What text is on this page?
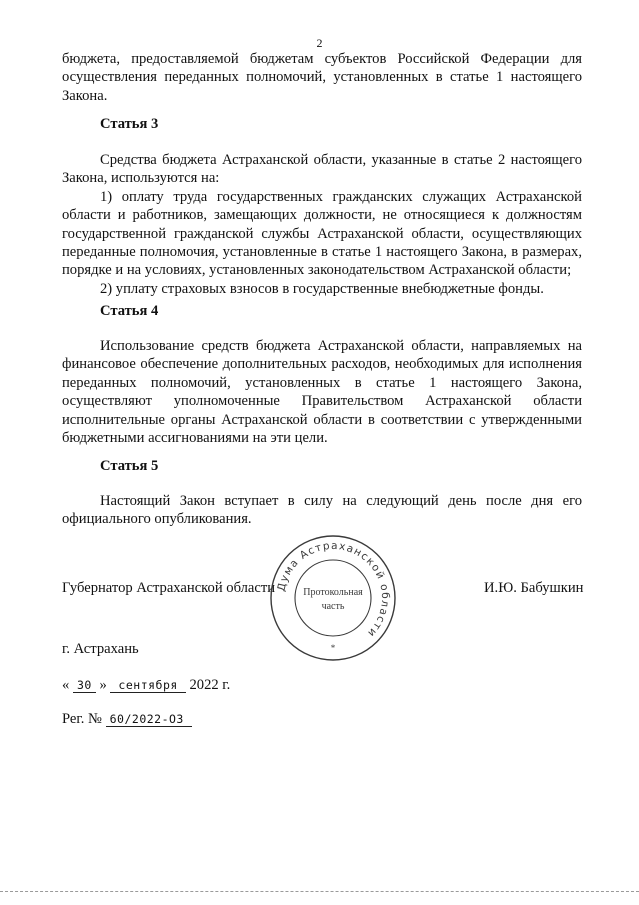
2

бюджета, предоставляемой бюджетам субъектов Российской Федерации для осуществления переданных полномочий, установленных в статье 1 настоящего Закона.

Статья 3

Средства бюджета Астраханской области, указанные в статье 2 настоящего Закона, используются на:

1) оплату труда государственных гражданских служащих Астраханской области и работников, замещающих должности, не относящиеся к должностям государственной гражданской службы Астраханской области, осуществляющих переданные полномочия, установленные в статье 1 настоящего Закона, в размерах, порядке и на условиях, установленных законодательством Астраханской области;

2) уплату страховых взносов в государственные внебюджетные фонды.

Статья 4

Использование средств бюджета Астраханской области, направляемых на финансовое обеспечение дополнительных расходов, необходимых для исполнения переданных полномочий, установленных в статье 1 настоящего Закона, осуществляют уполномоченные Правительством Астраханской области исполнительные органы Астраханской области в соответствии с утвержденными бюджетными ассигнованиями на эти цели.

Статья 5

Настоящий Закон вступает в силу на следующий день после дня его официального опубликования.

Губернатор Астраханской области	И.Ю. Бабушкин
Дума Астраханской области
Протокольная
часть
*
г. Астрахань
« 30 » сентября 2022 г.
Рег. № 60/2022-ОЗ
